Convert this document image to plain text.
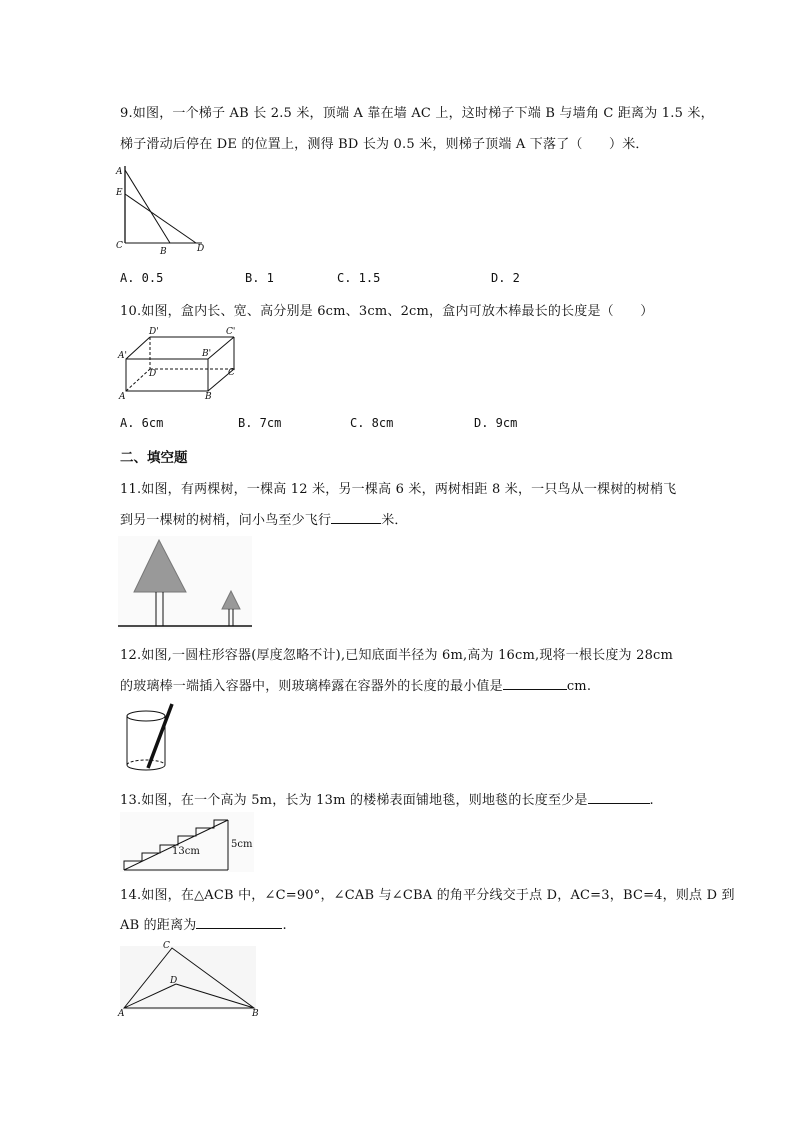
9.如图，一个梯子 AB 长 2.5 米，顶端 A 靠在墙 AC 上，这时梯子下端 B 与墙角 C 距离为 1.5 米，
梯子滑动后停在 DE 的位置上，测得 BD 长为 0.5 米，则梯子顶端 A 下落了（　　）米．
A
E
C
B	D
A. 0.5	B. 1	C. 1.5	D. 2
10.如图，盒内长、宽、高分别是 6cm、3cm、2cm，盒内可放木棒最长的长度是（　　）
D'	C'
A'	B'
D	C
A	B
A. 6cm	B. 7cm	C. 8cm	D. 9cm
二、填空题
11.如图，有两棵树，一棵高 12 米，另一棵高 6 米，两树相距 8 米，一只鸟从一棵树的树梢飞
到另一棵树的树梢，问小鸟至少飞行	米．
12.如图,一圆柱形容器(厚度忽略不计),已知底面半径为 6m,高为 16cm,现将一根长度为 28cm
的玻璃棒一端插入容器中，则玻璃棒露在容器外的长度的最小值是	cm.
13.如图，在一个高为 5m，长为 13m 的楼梯表面铺地毯，则地毯的长度至少是	.
13cm
5cm
14.如图，在△ACB 中，∠C=90°，∠CAB 与∠CBA 的角平分线交于点 D，AC=3，BC=4，则点 D 到
AB 的距离为	.
C
D
A	B
